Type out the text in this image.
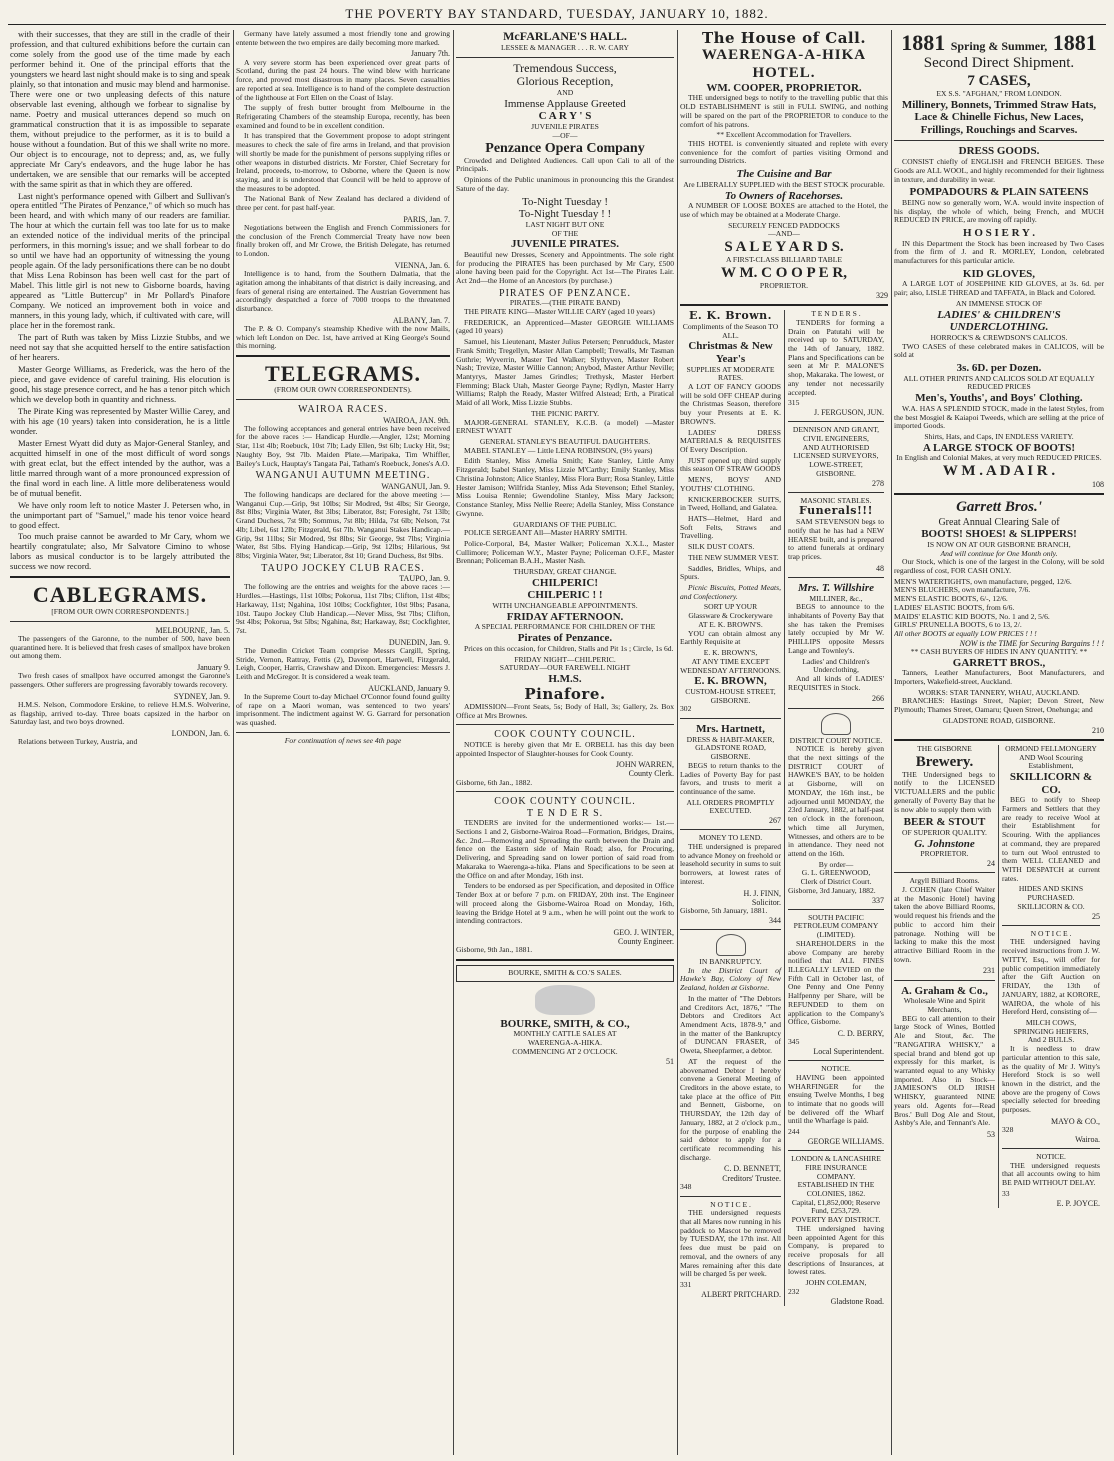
THE POVERTY BAY STANDARD, TUESDAY, JANUARY 10, 1882.

with their successes, that they are still in the cradle of their profession, and that cultured exhibitions before the curtain can come solely from the good use of the time made by each performer behind it. One of the principal efforts that the youngsters we heard last night should make is to sing and speak plainly, so that intonation and music may blend and harmonise. There were one or two unpleasing defects of this nature observable last evening, although we forbear to signalise by name. Poetry and musical utterances depend so much on grammatical construction that it is as impossible to separate them, without prejudice to the performer, as it is to build a house without a foundation. But of this we shall write no more. Our object is to encourage, not to depress; and, as, we fully appreciate Mr Cary's endeavors, and the huge labor he has undertaken, we are sensible that our remarks will be accepted with the same spirit as that in which they are offered.

Last night's performance opened with Gilbert and Sullivan's opera entitled "The Pirates of Penzance," of which so much has been heard, and with which many of our readers are familiar. The hour at which the curtain fell was too late for us to make an extended notice of the individual merits of the principal performers, in this morning's issue; and we shall forbear to do so until we have had an opportunity of witnessing the young people again. Of the lady personifications there can be no doubt that Miss Lena Robinson has been well cast for the part of Mabel. This little girl is not new to Gisborne boards, having appeared as "Little Buttercup" in Mr Pollard's Pinafore Company. We noticed an improvement both in voice and manners, in this young lady, which, if cultivated with care, will place her in the foremost rank.

The part of Ruth was taken by Miss Lizzie Stubbs, and we need not say that she acquitted herself to the entire satisfaction of her hearers.

Master George Williams, as Frederick, was the hero of the piece, and gave evidence of careful training. His elocution is good, his stage presence correct, and he has a tenor pitch which which we develop both in quantity and richness.

The Pirate King was represented by Master Willie Carey, and with his age (10 years) taken into consideration, he is a little wonder.

Master Ernest Wyatt did duty as Major-General Stanley, and acquitted himself in one of the most difficult of word songs with great eclat, but the effect intended by the author, was a little marred through want of a more pronounced expression of the final word in each line. A little more deliberateness would be of mutual benefit.

We have only room left to notice Master J. Petersen who, in the unimportant part of "Samuel," made his tenor voice heard to good effect.

Too much praise cannot be awarded to Mr Cary, whom we heartily congratulate; also, Mr Salvatore Cimino to whose labors as musical conductor is to be largely attributed the success we now record.

CABLEGRAMS.
[FROM OUR OWN CORRESPONDENTS.]
MELBOURNE, Jan. 5.

The passengers of the Garonne, to the number of 500, have been quarantined here. It is believed that fresh cases of smallpox have broken out among them.

January 9.

Two fresh cases of smallpox have occurred amongst the Garonne's passengers. Other sufferers are progressing favorably towards recovery.

SYDNEY, Jan. 9.

H.M.S. Nelson, Commodore Erskine, to relieve H.M.S. Wolverine, as flagship, arrived to-day. Three boats capsized in the harbor on Saturday last, and two boys drowned.

LONDON, Jan. 6.

Relations between Turkey, Austria, and

Germany have lately assumed a most friendly tone and growing entente between the two empires are daily becoming more marked.

January 7th.

A very severe storm has been experienced over great parts of Scotland, during the past 24 hours. The wind blew with hurricane force, and proved most disastrous in many places. Seven casualties are reported at sea. Intelligence is to hand of the complete destruction of the lighthouse at Fort Ellen on the Coast of Islay.

The supply of fresh butter brought from Melbourne in the Refrigerating Chambers of the steamship Europa, recently, has been examined and found to be in excellent condition.

It has transpired that the Government propose to adopt stringent measures to check the sale of fire arms in Ireland, and that provision will shortly be made for the punishment of persons supplying rifles or other weapons in disturbed districts. Mr Forster, Chief Secretary for Ireland, proceeds, to-morrow, to Osborne, where the Queen is now staying, and it is understood that Council will be held to approve of the measures to be adopted.

The National Bank of New Zealand has declared a dividend of three per cent. for past half-year.

PARIS, Jan. 7.

Negotiations between the English and French Commissioners for the conclusion of the French Commercial Treaty have now been finally broken off, and Mr Crowe, the British Delegate, has returned to London.

VIENNA, Jan. 6.

Intelligence is to hand, from the Southern Dalmatia, that the agitation among the inhabitants of that district is daily increasing, and fears of general rising are entertained. The Austrian Government has accordingly despatched a force of 7000 troops to the threatened disturbance.

ALBANY, Jan. 7.

The P. & O. Company's steamship Khedive with the now Mails, which left London on Dec. 1st, have arrived at King George's Sound this morning.

TELEGRAMS.
(FROM OUR OWN CORRESPONDENTS).
WAIROA RACES.
WAIROA, JAN. 9th.

The following acceptances and general entries have been received for the above races :— Handicap Hurdle.—Angler, 12st; Morning Star, 11st 4lb; Roebuck, 10st 7lb; Lady Ellen, 9st 6lb; Lucky Hit, 9st; Naughty Boy, 9st 7lb. Maiden Plate.—Maripaka, Tim Whiffler, Bailey's Luck, Hauptay's Tangata Pai, Tatham's Roebuck, Jones's A.O.

WANGANUI AUTUMN MEETING.
WANGANUI, Jan. 9.

The following handicaps are declared for the above meeting :— Wanganui Cup.—Grip, 9st 10lbs; Sir Modred, 9st 4lbs; Sir George, 8st 8lbs; Virginia Water, 8st 3lbs; Liberator, 8st; Foresight, 7st 13lb; Grand Duchess, 7st 9lb; Sommus, 7st 8lb; Hilda, 7st 6lb; Nelson, 7st 4lb; Libel, 6st 12lb; Fitzgerald, 6st 7lb. Wanganui Stakes Handicap.—Grip, 9st 11lbs; Sir Modred, 9st 8lbs; Sir George, 9st 7lbs; Virginia Water, 8st 5lbs. Flying Handicap.—Grip, 9st 12lbs; Hilarious, 9st 8lbs; Virginia Water, 9st; Liberator, 8st 10; Grand Duchess, 8st 9lbs.

TAUPO JOCKEY CLUB RACES.
TAUPO, Jan. 9.

The following are the entries and weights for the above races :— Hurdles.—Hastings, 11st 10lbs; Pokorua, 11st 7lbs; Clifton, 11st 4lbs; Harkaway, 11st; Ngahina, 10st 10lbs; Cockfighter, 10st 9lbs; Pasana, 10st. Taupo Jockey Club Handicap.—Never Miss, 9st 7lbs; Clifton, 9st 4lbs; Pokorua, 9st 5lbs; Ngahina, 8st; Harkaway, 8st; Cockfighter, 7st.

DUNEDIN, Jan. 9.

The Dunedin Cricket Team comprise Messrs Cargill, Spring, Stride, Vernon, Rattray, Fettis (2), Davenport, Hartwell, Fitzgerald, Leigh, Cooper, Harris, Crawshaw and Dixon. Emergencies: Messrs J. Leith and McGregor. It is considered a weak team.

AUCKLAND, January 9.

In the Supreme Court to-day Michael O'Connor found found guilty of rape on a Maori woman, was sentenced to two years' imprisonment. The indictment against W. G. Garrard for personation was quashed.

For continuation of news see 4th page
McFARLANE'S HALL.
LESSEE & MANAGER . . . R. W. CARY
Tremendous Success,
Glorious Reception,
AND
Immense Applause Greeted
C A R Y ' S
JUVENILE PIRATES
—OF—
Penzance Opera Company

Crowded and Delighted Audiences. Call upon Cali to all of the Principals.

Opinions of the Public unanimous in pronouncing this the Grandest Sature of the day.

To-Night Tuesday !
To-Night Tuesday ! !
LAST NIGHT BUT ONE
OF THE
JUVENILE PIRATES.

Beautiful new Dresses, Scenery and Appointments. The sole right for producing the PIRATES has been purchased by Mr Cary, £500 alone having been paid for the Copyright. Act 1st—The Pirates Lair. Act 2nd—the Home of an Ancestors (by purchase.)

PIRATES OF PENZANCE.
PIRATES.—(THE PIRATE BAND)

THE PIRATE KING—Master WILLIE CARY (aged 10 years)

FREDERICK, an Apprenticed—Master GEORGIE WILLIAMS (aged 10 years)

Samuel, his Lieutenant, Master Julius Petersen; Penrudduck, Master Frank Smith; Tregellyn, Master Allan Campbell; Trewalls, Mr Tasman Guthrie; Wyverrin, Master Ted Walker; Slythyven, Master Robert Nash; Trevize, Master Willie Cannon; Anybod, Master Arthur Neville; Mantyrys, Master James Grindles; Trethysk, Master Herbert Flemming; Black Utah, Master George Payne; Rydlyn, Master Harry Williams; Ralph the Ready, Master Wilfred Alstead; Erth, a Piratical Maid of all Work, Miss Lizzie Stubbs.

THE PICNIC PARTY.

MAJOR-GENERAL STANLEY, K.C.B. (a model) —Master ERNEST WYATT

GENERAL STANLEY'S BEAUTIFUL DAUGHTERS.

MABEL STANLEY — Little LENA ROBINSON, (9½ years)

Edith Stanley, Miss Amelia Smith; Kate Stanley, Little Amy Fitzgerald; Isabel Stanley, Miss Lizzie M'Carthy; Emily Stanley, Miss Christina Johnston; Alice Stanley, Miss Flora Burr; Rosa Stanley, Little Hester Jamison; Wilfrida Stanley, Miss Ada Stevenson; Ethel Stanley, Miss Louisa Rennie; Gwendoline Stanley, Miss Mary Jackson; Constance Stanley, Miss Nellie Reere; Adella Stanley, Miss Constance Gwynne.

GUARDIANS OF THE PUBLIC.

POLICE SERGEANT All—Master HARRY SMITH.

Police-Corporal, B4, Master Walker; Policeman X.X.L., Master Cullimore; Policeman W.Y., Master Payne; Policeman O.F.F., Master Brennan; Policeman B.A.H., Master Nash.

THURSDAY, GREAT CHANGE.
CHILPERIC!
CHILPERIC ! !
WITH UNCHANGEABLE APPOINTMENTS.
FRIDAY AFTERNOON.
A SPECIAL PERFORMANCE FOR CHILDREN OF THE
Pirates of Penzance.

Prices on this occasion, for Children, Stalls and Pit 1s ; Circle, 1s 6d.

FRIDAY NIGHT—CHILPERIC.
SATURDAY—OUR FAREWELL NIGHT
H.M.S.
Pinafore.

ADMISSION—Front Seats, 5s; Body of Hall, 3s; Gallery, 2s. Box Office at Mrs Brownes.

COOK COUNTY COUNCIL.

NOTICE is hereby given that Mr E. ORBELL has this day been appointed Inspector of Slaughter-houses for Cook County.

JOHN WARREN,
County Clerk.
Gisborne, 6th Jan., 1882.
COOK COUNTY COUNCIL.
T E N D E R S.

TENDERS are invited for the undermentioned works:— 1st.—Sections 1 and 2, Gisborne-Wairoa Road—Formation, Bridges, Drains, &c. 2nd.—Removing and Spreading the earth between the Drain and fence on the Eastern side of Main Road; also, for Procuring, Delivering, and Spreading sand on lower portion of said road from Makaraka to Waerenga-a-hika. Plans and Specifications to be seen at the Office on and after Monday, 16th inst.

Tenders to be endorsed as per Specification, and deposited in Office Tender Box at or before 7 p.m. on FRIDAY, 20th inst. The Engineer will proceed along the Gisborne-Wairoa Road on Monday, 16th, leaving the Bridge Hotel at 9 a.m., when he will point out the work to intending contractors.

GEO. J. WINTER,
County Engineer.
Gisborne, 9th Jan., 1881.
BOURKE, SMITH & CO.'S SALES.
BOURKE, SMITH, & CO.,
MONTHLY CATTLE SALES AT
WAERENGA-A-HIKA.
COMMENCING AT 2 O'CLOCK.
51
The House of Call.
WAERENGA-A-HIKA HOTEL.
WM. COOPER, PROPRIETOR.

THE undersigned begs to notify to the travelling public that this OLD ESTABLISHMENT is still in FULL SWING, and nothing will be spared on the part of the PROPRIETOR to conduce to the comfort of his patrons.

** Excellent Accommodation for Travellers.

THIS HOTEL is conveniently situated and replete with every convenience for the comfort of parties visiting Ormond and surrounding Districts.

The Cuisine and Bar
Are LIBERALLY SUPPLIED with the BEST STOCK procurable.
To Owners of Racehorses.

A NUMBER OF LOOSE BOXES are attached to the Hotel, the use of which may be obtained at a Moderate Charge.

SECURELY FENCED PADDOCKS
—AND—
S A L E Y A R D S.
A FIRST-CLASS BILLIARD TABLE
W M. C O O P E R,
PROPRIETOR.
329
E. K. Brown.
Compliments of the Season TO ALL.
Christmas & New Year's
SUPPLIES AT MODERATE RATES.

A LOT OF FANCY GOODS will be sold OFF CHEAP during the Christmas Season, therefore buy your Presents at E. K. BROWN'S.

LADIES' DRESS MATERIALS & REQUISITES Of Every Description.

JUST opened up; third supply this season OF STRAW GOODS

MEN'S, BOYS' AND YOUTHS' CLOTHING.

KNICKERBOCKER SUITS, in Tweed, Holland, and Galatea.

HATS—Helmet, Hard and Soft Felts, Straws and Travelling.

SILK DUST COATS.

THE NEW SUMMER VEST.

Saddles, Bridles, Whips, and Spurs.

Picnic Biscuits, Potted Meats, and Confectionery.

SORT UP YOUR
Glassware & Crockeryware
AT E. K. BROWN'S.

YOU can obtain almost any Earthly Requisite at

E. K. BROWN'S,
AT ANY TIME EXCEPT
WEDNESDAY AFTERNOONS.
E. K. BROWN,
CUSTOM-HOUSE STREET,
GISBORNE.
302
Mrs. Hartnett,
DRESS & HABIT-MAKER,
GLADSTONE ROAD, GISBORNE.

BEGS to return thanks to the Ladies of Poverty Bay for past favors, and trusts to merit a continuance of the same.

ALL ORDERS PROMPTLY EXECUTED.
267
MONEY TO LEND.

THE undersigned is prepared to advance Money on freehold or leasehold security in sums to suit borrowers, at lowest rates of interest.

H. J. FINN,
Solicitor.
Gisborne, 5th January, 1881.
344
IN BANKRUPTCY.

In the District Court of Hawke's Bay, Colony of New Zealand, holden at Gisborne.

In the matter of "The Debtors and Creditors Act, 1876," "The Debtors and Creditors Act Amendment Acts, 1878-9," and in the matter of the Bankruptcy of DUNCAN FRASER, of Oweta, Sheepfarmer, a debtor.

AT the request of the abovenamed Debtor I hereby convene a General Meeting of Creditors in the above estate, to take place at the office of Pitt and Bennett, Gisborne, on THURSDAY, the 12th day of January, 1882, at 2 o'clock p.m., for the purpose of enabling the said debtor to apply for a certificate recommending his discharge.

C. D. BENNETT,
Creditors' Trustee.
348
N O T I C E .

THE undersigned requests that all Mares now running in his paddock to Mascot be removed by TUESDAY, the 17th inst. All fees due must be paid on removal, and the owners of any Mares remaining after this date will be charged 5s per week.

331
ALBERT PRITCHARD.
T E N D E R S .

TENDERS for forming a Drain on Patutahi will be received up to SATURDAY, the 14th of January, 1882. Plans and Specifications can be seen at Mr P. MALONE'S shop, Makaraka. The lowest, or any tender not necessarily accepted.

315
J. FERGUSON, JUN.
DENNISON AND GRANT,
CIVIL ENGINEERS,
AND AUTHORISED LICENSED SURVEYORS,
LOWE-STREET,
GISBORNE.
278
MASONIC STABLES.
Funerals!!!

SAM STEVENSON begs to notify that he has had a NEW HEARSE built, and is prepared to attend funerals at ordinary trap prices.

48
Mrs. T. Willshire
MILLINER, &c.,

BEGS to announce to the inhabitants of Poverty Bay that she has taken the Premises lately occupied by Mr W. PHILLIPS opposite Messrs Lange and Townley's.

Ladies' and Children's Underclothing,

And all kinds of LADIES' REQUISITES in Stock.

266
DISTRICT COURT NOTICE.

NOTICE is hereby given that the next sittings of the DISTRICT COURT of HAWKE'S BAY, to be holden at Gisborne, will on MONDAY, the 16th inst., be adjourned until MONDAY, the 23rd January, 1882, at half-past ten o'clock in the forenoon, which time all Jurymen, Witnesses, and others are to be in attendance. They need not attend on the 16th.

By order—
G. L. GREENWOOD,
Clerk of District Court.
Gisborne, 3rd January, 1882.
337
SOUTH PACIFIC PETROLEUM COMPANY (LIMITED).

SHAREHOLDERS in the above Company are hereby notified that ALL FINES ILLEGALLY LEVIED on the Fifth Call in October last, of One Penny and One Penny Halfpenny per Share, will be REFUNDED to them on application to the Company's Office, Gisborne.

C. D. BERRY,
345
Local Superintendent.
NOTICE.

HAVING been appointed WHARFINGER for the ensuing Twelve Months, I beg to intimate that no goods will be delivered off the Wharf until the Wharfage is paid.

244
GEORGE WILLIAMS.
LONDON & LANCASHIRE FIRE INSURANCE COMPANY.
ESTABLISHED IN THE COLONIES, 1862.
Capital, £1,852,000; Reserve Fund, £253,729.
POVERTY BAY DISTRICT.

THE undersigned having been appointed Agent for this Company, is prepared to receive proposals for all descriptions of Insurances, at lowest rates.

JOHN COLEMAN,
232
Gladstone Road.
1881 Spring & Summer, 1881
Second Direct Shipment.
7 CASES,
EX S.S. "AFGHAN," FROM LONDON.
Millinery, Bonnets, Trimmed Straw Hats, Lace & Chinelle Fichus, New Laces, Frillings, Rouchings and Scarves.
DRESS GOODS.

CONSIST chiefly of ENGLISH and FRENCH BEIGES. These Goods are ALL WOOL, and highly recommended for their lightness in texture, and durability in wear.

POMPADOURS & PLAIN SATEENS

BEING now so generally worn, W.A. would invite inspection of his display, the whole of which, being French, and MUCH REDUCED IN PRICE, are moving off rapidly.

H O S I E R Y .

IN this Department the Stock has been increased by Two Cases from the firm of J. and R. MORLEY, London, celebrated manufacturers for this particular article.

KID GLOVES,

A LARGE LOT of JOSEPHINE KID GLOVES, at 3s. 6d. per pair; also, LISLE THREAD and TAFFATA, in Black and Colored.

AN IMMENSE STOCK OF
LADIES' & CHILDREN'S UNDERCLOTHING.
HORROCK'S & CREWDSON'S CALICOS.

TWO CASES of these celebrated makes in CALICOS, will be sold at

3s. 6D. per Dozen.
ALL OTHER PRINTS AND CALICOS SOLD AT EQUALLY REDUCED PRICES
Men's, Youths', and Boys' Clothing.

W.A. HAS A SPLENDID STOCK, made in the latest Styles, from the best Mosgiel & Kaiapoi Tweeds, which are selling at the price of imported Goods.

Shirts, Hats, and Caps, IN ENDLESS VARIETY.
A LARGE STOCK OF BOOTS!
In English and Colonial Makes, at very much REDUCED PRICES.
W M . A D A I R .
108
Garrett Bros.'
Great Annual Clearing Sale of
BOOTS! SHOES! & SLIPPERS!
IS NOW ON AT OUR GISBORNE BRANCH,
And will continue for One Month only.

Our Stock, which is one of the largest in the Colony, will be sold regardless of cost, FOR CASH ONLY.

MEN'S WATERTIGHTS, own manufacture, pegged, 12/6.
MEN'S BLUCHERS, own manufacture, 7/6.
MEN'S ELASTIC BOOTS, 6/-, 12/6.
LADIES' ELASTIC BOOTS, from 6/6.
MAIDS' ELASTIC KID BOOTS, No. 1 and 2, 5/6.
GIRLS' PRUNELLA BOOTS, 6 to 13, 2/.
All other BOOTS at equally LOW PRICES ! ! !
NOW is the TIME for Securing Bargains ! ! !
** CASH BUYERS OF HIDES IN ANY QUANTITY. **
GARRETT BROS.,

Tanners, Leather Manufacturers, Boot Manufacturers, and Importers, Wakefield-street, Auckland.

WORKS: STAR TANNERY, WHAU, AUCKLAND.

BRANCHES: Hastings Street, Napier; Devon Street, New Plymouth; Thames Street, Oamaru; Queen Street, Onehunga; and

GLADSTONE ROAD, GISBORNE.
210
THE GISBORNE
Brewery.

THE Undersigned begs to notify to the LICENSED VICTUALLERS and the public generally of Poverty Bay that he is now able to supply them with

BEER & STOUT
OF SUPERIOR QUALITY.
G. Johnstone
PROPRIETOR.
24
Argyll Billiard Rooms.

J. COHEN (late Chief Waiter at the Masonic Hotel) having taken the above Billiard Rooms, would request his friends and the public to accord him their patronage. Nothing will be lacking to make this the most attractive Billiard Room in the town.

231
A. Graham & Co.,
Wholesale Wine and Spirit Merchants,

BEG to call attention to their large Stock of Wines, Bottled Ale and Stout, &c. The "RANGATIRA WHISKY," a special brand and blend got up expressly for this market, is warranted equal to any Whisky imported. Also in Stock—JAMIESON'S OLD IRISH WHISKY, guaranteed NINE years old. Agents for—Read Bros.' Bull Dog Ale and Stout, Ashby's Ale, and Tennant's Ale.

53
ORMOND FELLMONGERY
AND Wool Scouring Establishment,
SKILLICORN & CO.

BEG to notify to Sheep Farmers and Settlers that they are ready to receive Wool at their Establishment for Scouring. With the appliances at command, they are prepared to turn out Wool entrusted to them WELL CLEANED and WITH DESPATCH at current rates.

HIDES AND SKINS PURCHASED.
SKILLICORN & CO.
25
N O T I C E .

THE undersigned having received instructions from J. W. WITTY, Esq., will offer for public competition immediately after the Gift Auction on FRIDAY, the 13th of JANUARY, 1882, at KORORE, WAIROA, the whole of his Hereford Herd, consisting of—

MILCH COWS,
SPRINGING HEIFERS,
And 2 BULLS.

It is needless to draw particular attention to this sale, as the quality of Mr J. Witty's Hereford Stock is so well known in the district, and the above are the progeny of Cows specially selected for breeding purposes.

MAYO & CO.,
328
Wairoa.
NOTICE.

THE undersigned requests that all accounts owing to him BE PAID WITHOUT DELAY.

33
E. P. JOYCE.
